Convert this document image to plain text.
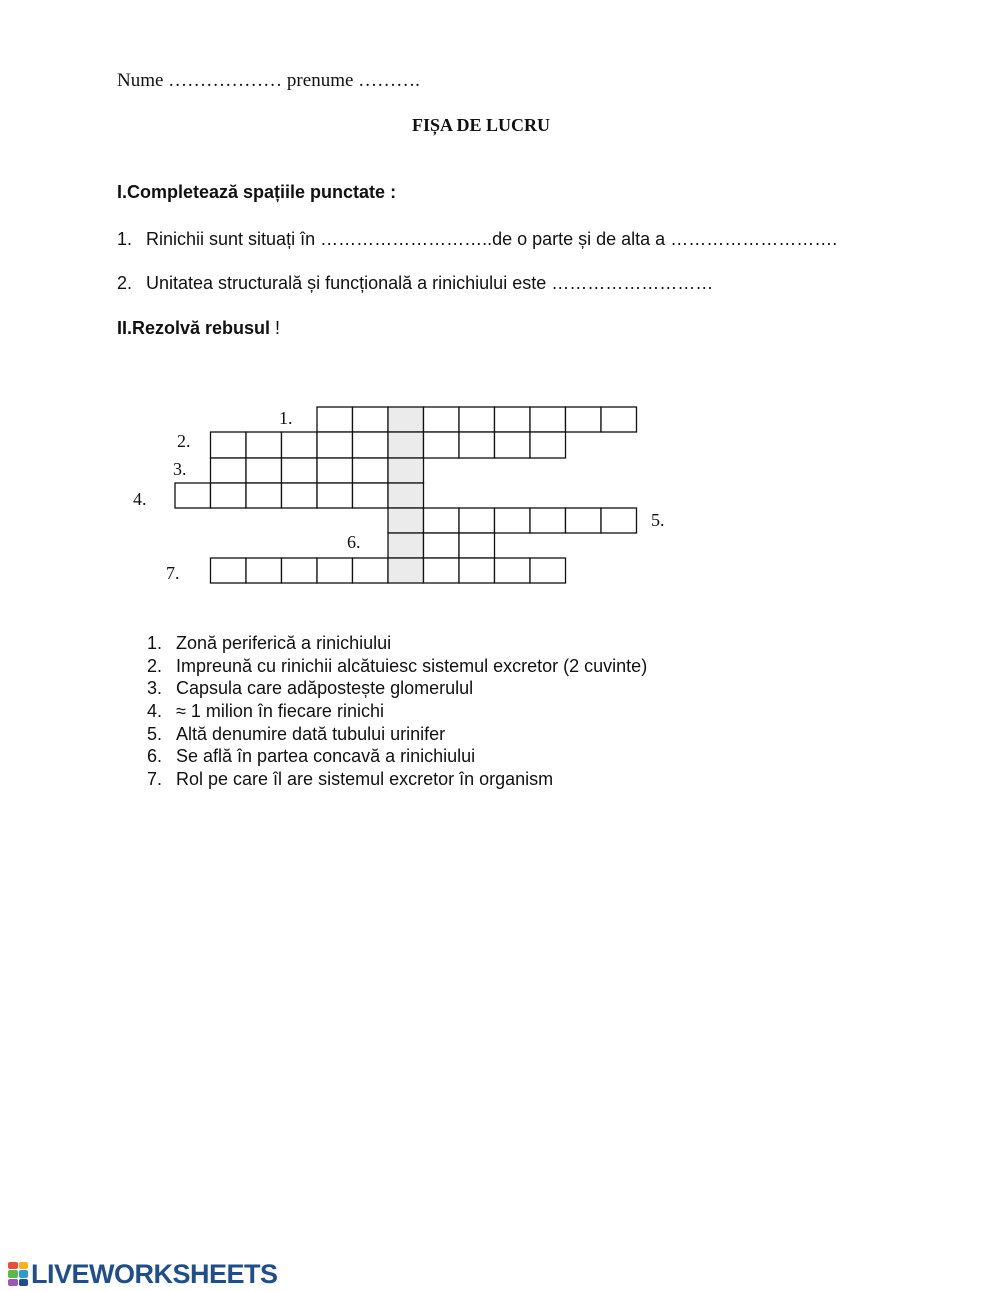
Nume ……………… prenume ……….
FIȘA DE LUCRU
I.Completează spațiile punctate :
1. Rinichii sunt situați în ………………………..de o parte și de alta a ……………………….
2. Unitatea structurală și funcțională a rinichiului este ………………………
II.Rezolvă rebusul !
1.
2.
3.
4.
5.
6.
7.
1. Zonă periferică a rinichiului
2. Impreună cu rinichii alcătuiesc sistemul excretor (2 cuvinte)
3. Capsula care adăpostește glomerulul
4. ≈ 1 milion în fiecare rinichi
5. Altă denumire dată tubului urinifer
6. Se află în partea concavă a rinichiului
7. Rol pe care îl are sistemul excretor în organism
LIVEWORKSHEETS
